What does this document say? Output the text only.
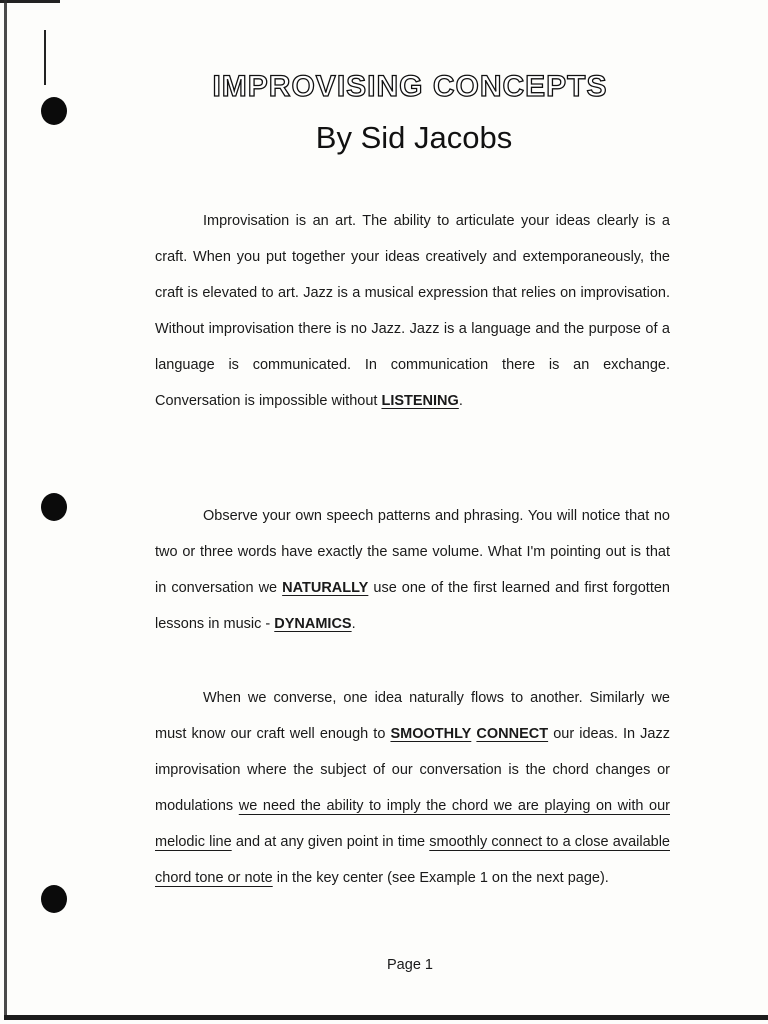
IMPROVISING CONCEPTS
By Sid Jacobs

Improvisation is an art. The ability to articulate your ideas clearly is a craft. When you put together your ideas creatively and extemporaneously, the craft is elevated to art. Jazz is a musical expression that relies on improvisation. Without improvisation there is no Jazz. Jazz is a language and the purpose of a language is communicated. In communication there is an exchange. Conversation is impossible without LISTENING.

Observe your own speech patterns and phrasing. You will notice that no two or three words have exactly the same volume. What I'm pointing out is that in conversation we NATURALLY use one of the first learned and first forgotten lessons in music - DYNAMICS.

When we converse, one idea naturally flows to another. Similarly we must know our craft well enough to SMOOTHLY CONNECT our ideas. In Jazz improvisation where the subject of our conversation is the chord changes or modulations we need the ability to imply the chord we are playing on with our melodic line and at any given point in time smoothly connect to a close available chord tone or note in the key center (see Example 1 on the next page).

Page 1
